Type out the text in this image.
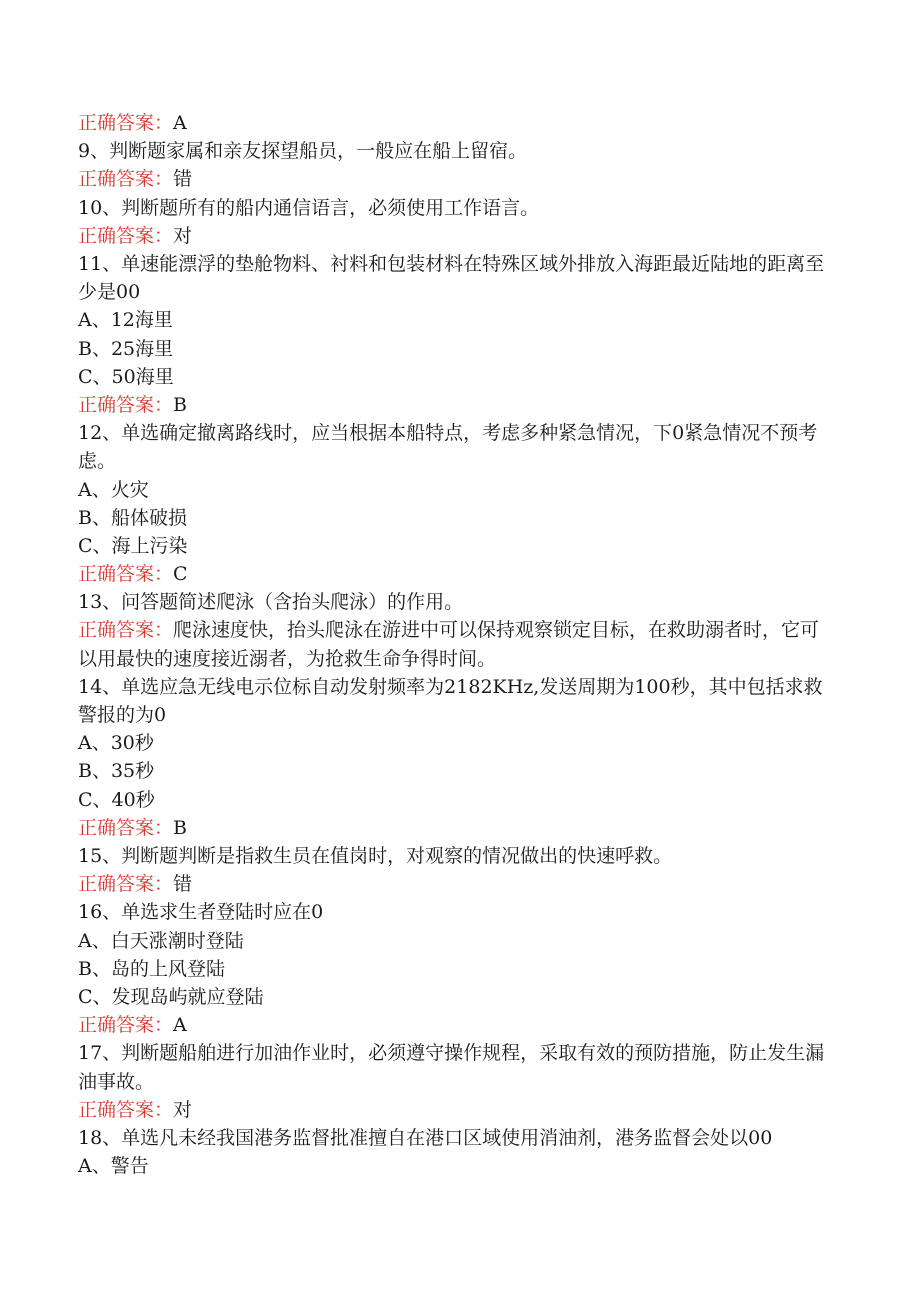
正确答案：A
9、判断题家属和亲友探望船员，一般应在船上留宿。
正确答案：错
10、判断题所有的船内通信语言，必须使用工作语言。
正确答案：对
11、单速能漂浮的垫舱物料、衬料和包装材料在特殊区域外排放入海距最近陆地的距离至少是00
A、12海里
B、25海里
C、50海里
正确答案：B
12、单选确定撤离路线时，应当根据本船特点，考虑多种紧急情况，下0紧急情况不预考虑。
A、火灾
B、船体破损
C、海上污染
正确答案：C
13、问答题简述爬泳（含抬头爬泳）的作用。
正确答案：爬泳速度快，抬头爬泳在游进中可以保持观察锁定目标，在救助溺者时，它可以用最快的速度接近溺者，为抢救生命争得时间。
14、单选应急无线电示位标自动发射频率为2182KHz,发送周期为100秒，其中包括求救警报的为0
A、30秒
B、35秒
C、40秒
正确答案：B
15、判断题判断是指救生员在值岗时，对观察的情况做出的快速呼救。
正确答案：错
16、单选求生者登陆时应在0
A、白天涨潮时登陆
B、岛的上风登陆
C、发现岛屿就应登陆
正确答案：A
17、判断题船舶进行加油作业时，必须遵守操作规程，采取有效的预防措施，防止发生漏油事故。
正确答案：对
18、单选凡未经我国港务监督批准擅自在港口区域使用消油剂，港务监督会处以00
A、警告
